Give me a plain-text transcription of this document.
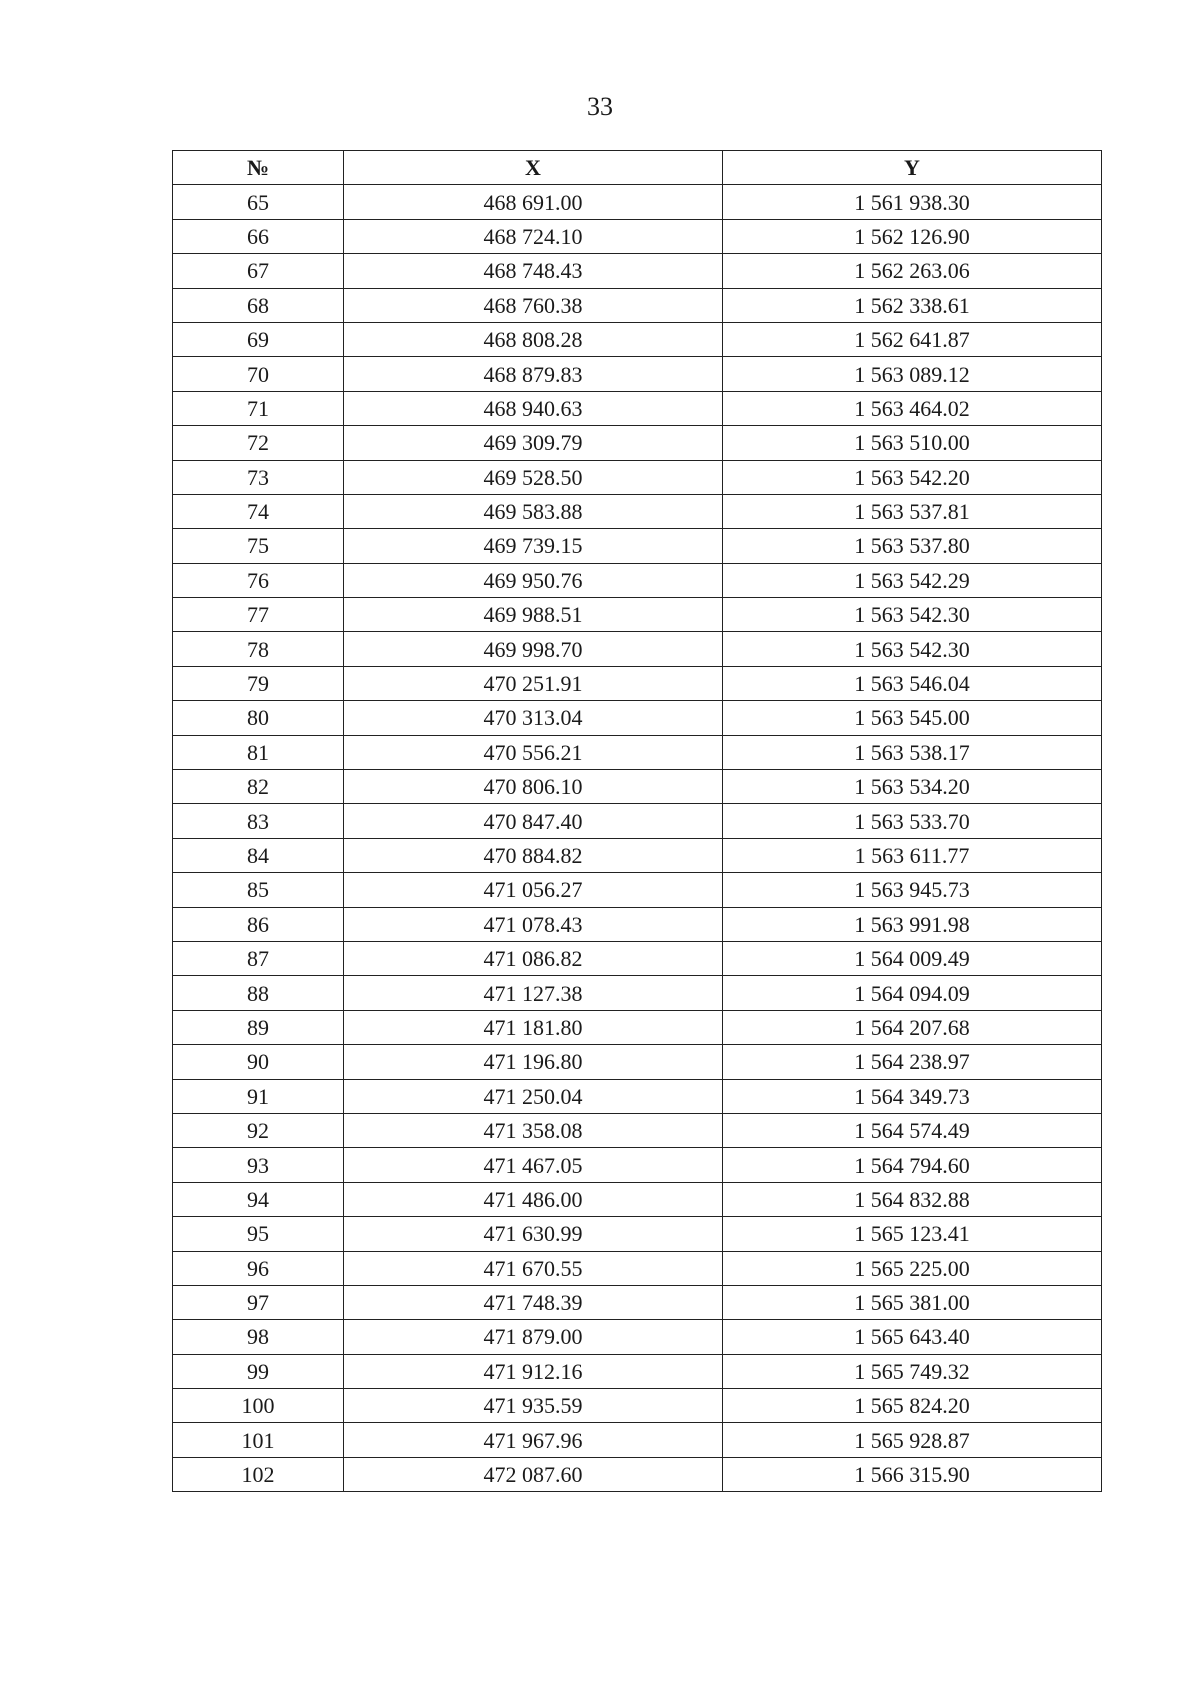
33
№	X	Y
65	468 691.00	1 561 938.30
66	468 724.10	1 562 126.90
67	468 748.43	1 562 263.06
68	468 760.38	1 562 338.61
69	468 808.28	1 562 641.87
70	468 879.83	1 563 089.12
71	468 940.63	1 563 464.02
72	469 309.79	1 563 510.00
73	469 528.50	1 563 542.20
74	469 583.88	1 563 537.81
75	469 739.15	1 563 537.80
76	469 950.76	1 563 542.29
77	469 988.51	1 563 542.30
78	469 998.70	1 563 542.30
79	470 251.91	1 563 546.04
80	470 313.04	1 563 545.00
81	470 556.21	1 563 538.17
82	470 806.10	1 563 534.20
83	470 847.40	1 563 533.70
84	470 884.82	1 563 611.77
85	471 056.27	1 563 945.73
86	471 078.43	1 563 991.98
87	471 086.82	1 564 009.49
88	471 127.38	1 564 094.09
89	471 181.80	1 564 207.68
90	471 196.80	1 564 238.97
91	471 250.04	1 564 349.73
92	471 358.08	1 564 574.49
93	471 467.05	1 564 794.60
94	471 486.00	1 564 832.88
95	471 630.99	1 565 123.41
96	471 670.55	1 565 225.00
97	471 748.39	1 565 381.00
98	471 879.00	1 565 643.40
99	471 912.16	1 565 749.32
100	471 935.59	1 565 824.20
101	471 967.96	1 565 928.87
102	472 087.60	1 566 315.90
